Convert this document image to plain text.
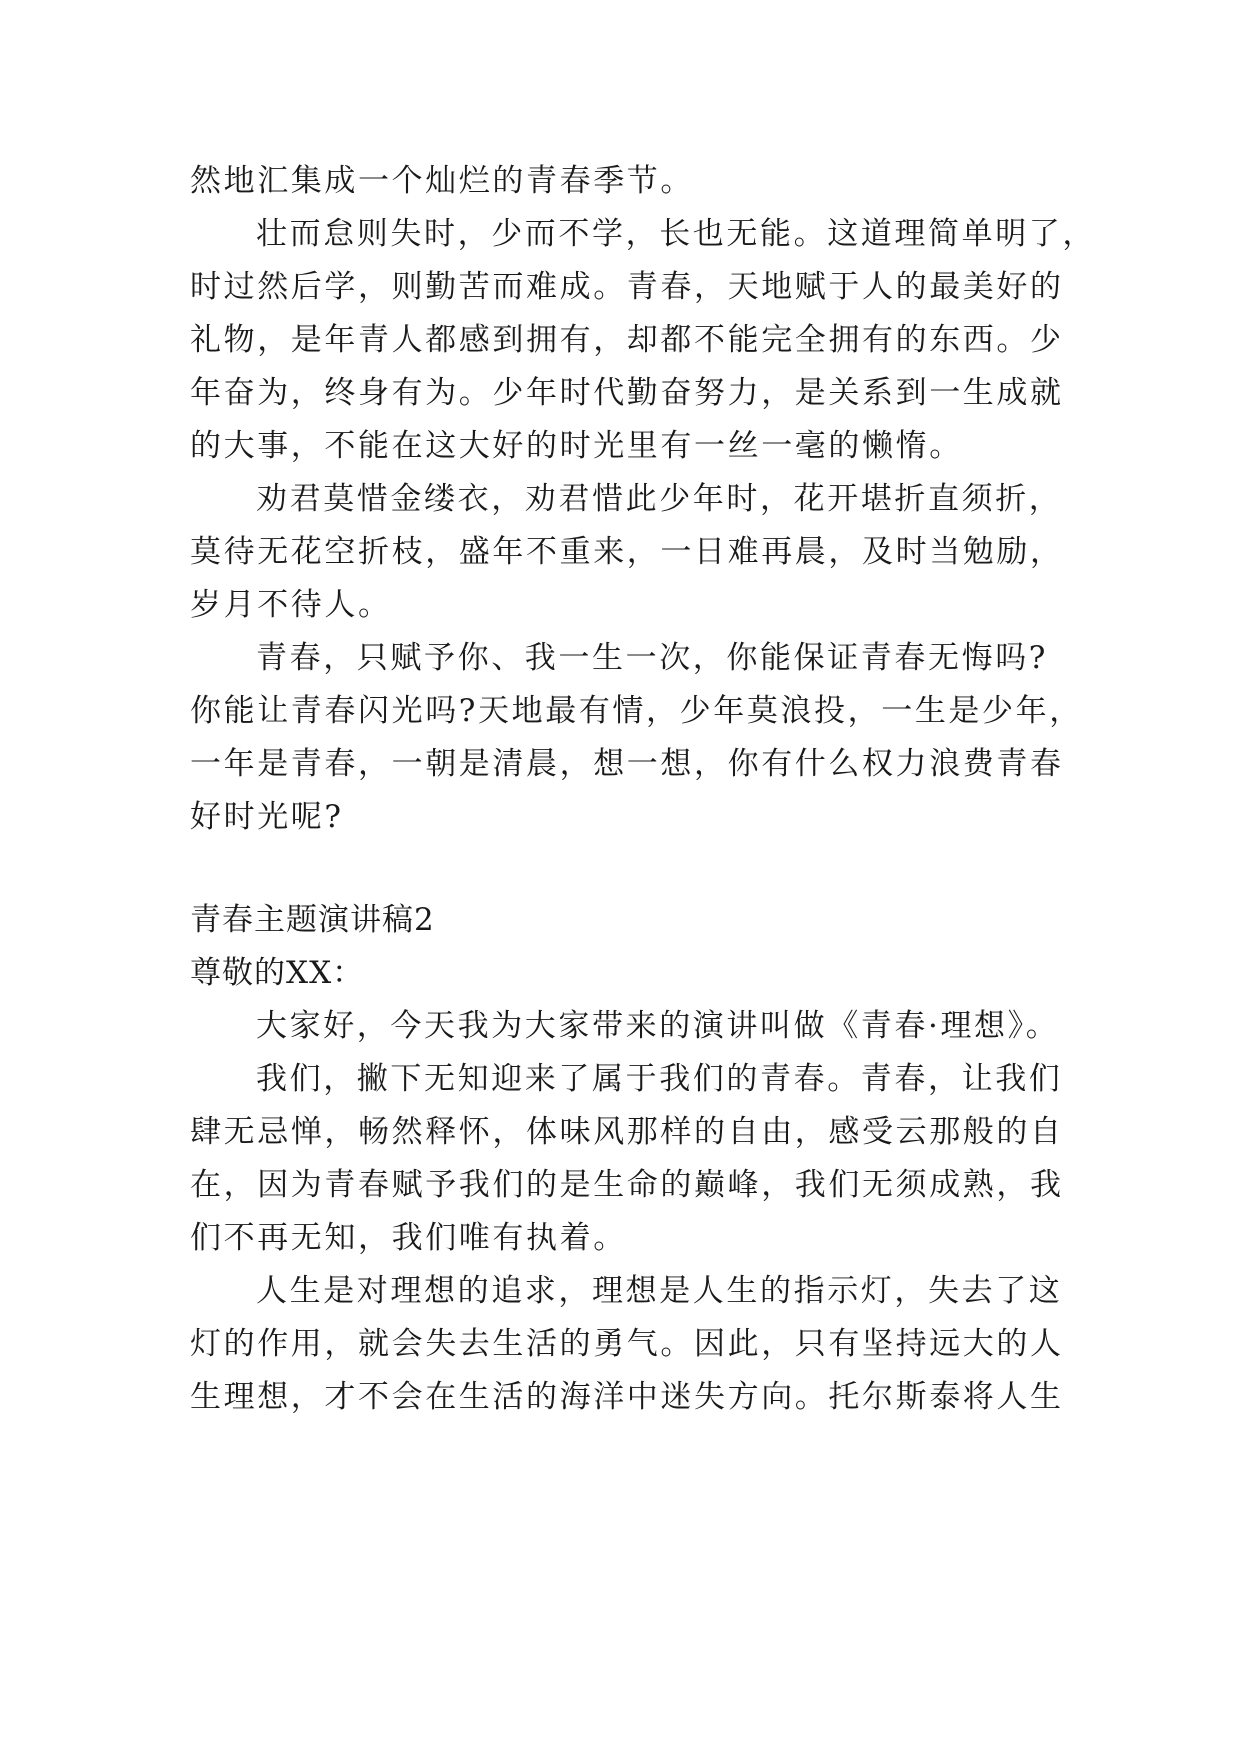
然地汇集成一个灿烂的青春季节。
壮而怠则失时，少而不学，长也无能。这道理简单明了，
时过然后学，则勤苦而难成。青春，天地赋于人的最美好的
礼物，是年青人都感到拥有，却都不能完全拥有的东西。少
年奋为，终身有为。少年时代勤奋努力，是关系到一生成就
的大事，不能在这大好的时光里有一丝一毫的懒惰。
劝君莫惜金缕衣，劝君惜此少年时，花开堪折直须折，
莫待无花空折枝，盛年不重来，一日难再晨，及时当勉励，
岁月不待人。
青春，只赋予你、我一生一次，你能保证青春无悔吗?
你能让青春闪光吗?天地最有情，少年莫浪投，一生是少年，
一年是青春，一朝是清晨，想一想，你有什么权力浪费青春
好时光呢?
青春主题演讲稿2
尊敬的XX：
大家好，今天我为大家带来的演讲叫做《青春·理想》。
我们，撇下无知迎来了属于我们的青春。青春，让我们
肆无忌惮，畅然释怀，体味风那样的自由，感受云那般的自
在，因为青春赋予我们的是生命的巅峰，我们无须成熟，我
们不再无知，我们唯有执着。
人生是对理想的追求，理想是人生的指示灯，失去了这
灯的作用，就会失去生活的勇气。因此，只有坚持远大的人
生理想，才不会在生活的海洋中迷失方向。托尔斯泰将人生
